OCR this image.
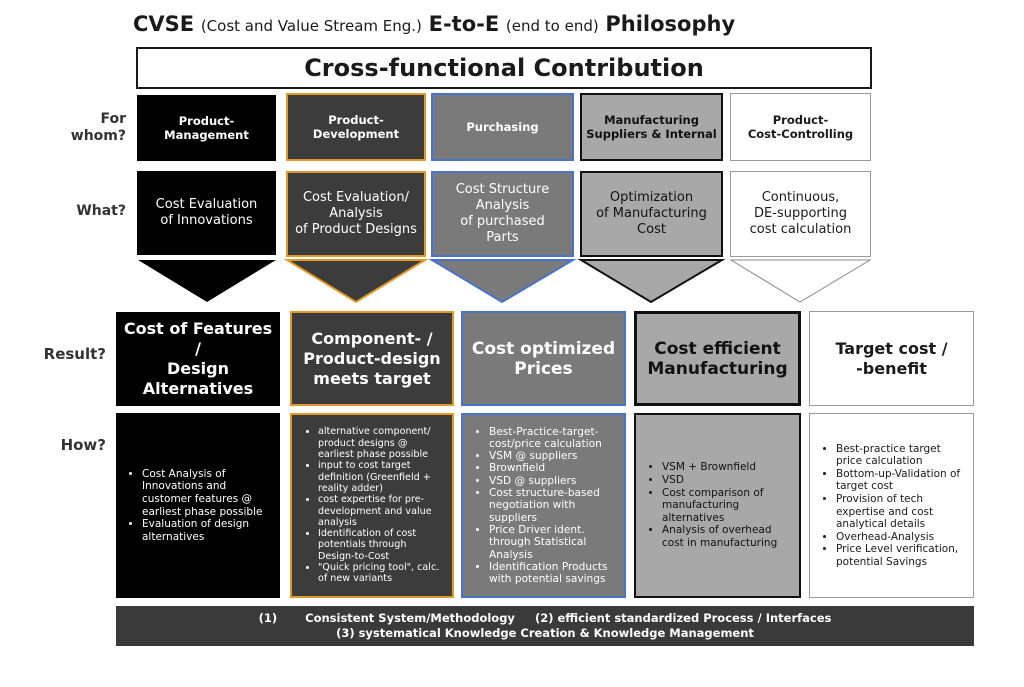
CVSE (Cost and Value Stream Eng.) E-to-E (end to end) Philosophy
Cross-functional Contribution
For
whom?
What?
Result?
How?
Product-
Management
Product-
Development	Purchasing	Manufacturing
Suppliers & Internal
Product-
Cost-Controlling
Cost Evaluation
of Innovations
Cost Evaluation/
Analysis
of Product Designs
Cost Structure
Analysis
of purchased
Parts
Optimization
of Manufacturing
Cost
Continuous,
DE-supporting
cost calculation
Cost of Features /
Design
Alternatives
Component- /
Product-design
meets target
Cost optimized
Prices
Cost efficient
Manufacturing
Target cost /
-benefit
• Cost Analysis of Innovations and customer features @ earliest phase possible
• Evaluation of design alternatives
• alternative component/ product designs @ earliest phase possible
• input to cost target definition (Greenfield + reality adder)
• cost expertise for pre-development and value analysis
• Identification of cost potentials through Design-to-Cost
• "Quick pricing tool", calc. of new variants
• Best-Practice-target-cost/price calculation
• VSM @ suppliers
• Brownfield
• VSD @ suppliers
• Cost structure-based negotiation with suppliers
• Price Driver ident. through Statistical Analysis
• Identification Products with potential savings
• VSM + Brownfield
• VSD
• Cost comparison of manufacturing alternatives
• Analysis of overhead cost in manufacturing
• Best-practice target price calculation
• Bottom-up-Validation of target cost
• Provision of tech expertise and cost analytical details
• Overhead-Analysis
• Price Level verification, potential Savings
(1)       Consistent System/Methodology     (2) efficient standardized Process / Interfaces
(3) systematical Knowledge Creation & Knowledge Management
